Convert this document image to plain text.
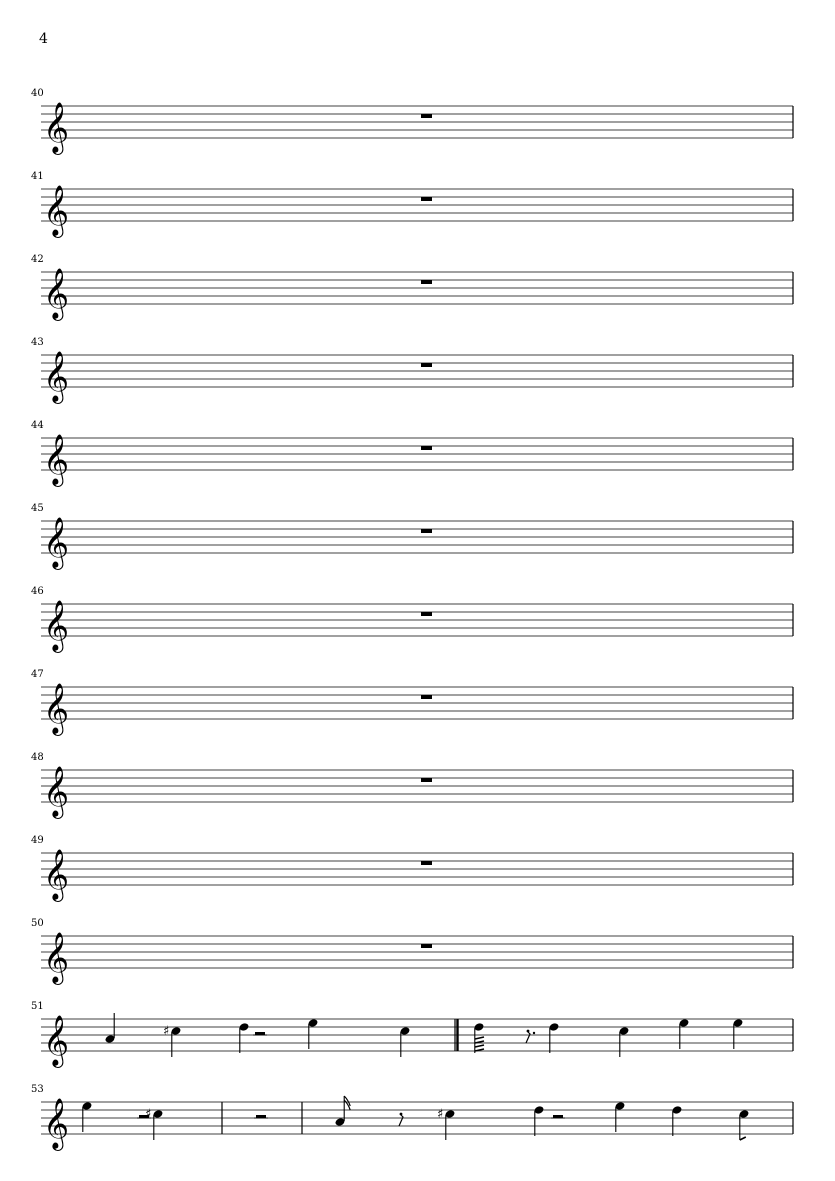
4
40
𝄞
41
𝄞
42
𝄞
43
𝄞
44
𝄞
45
𝄞
46
𝄞
47
𝄞
48
𝄞
49
𝄞
50
𝄞
51
𝄞	♯
53
𝄞	♯	♯
